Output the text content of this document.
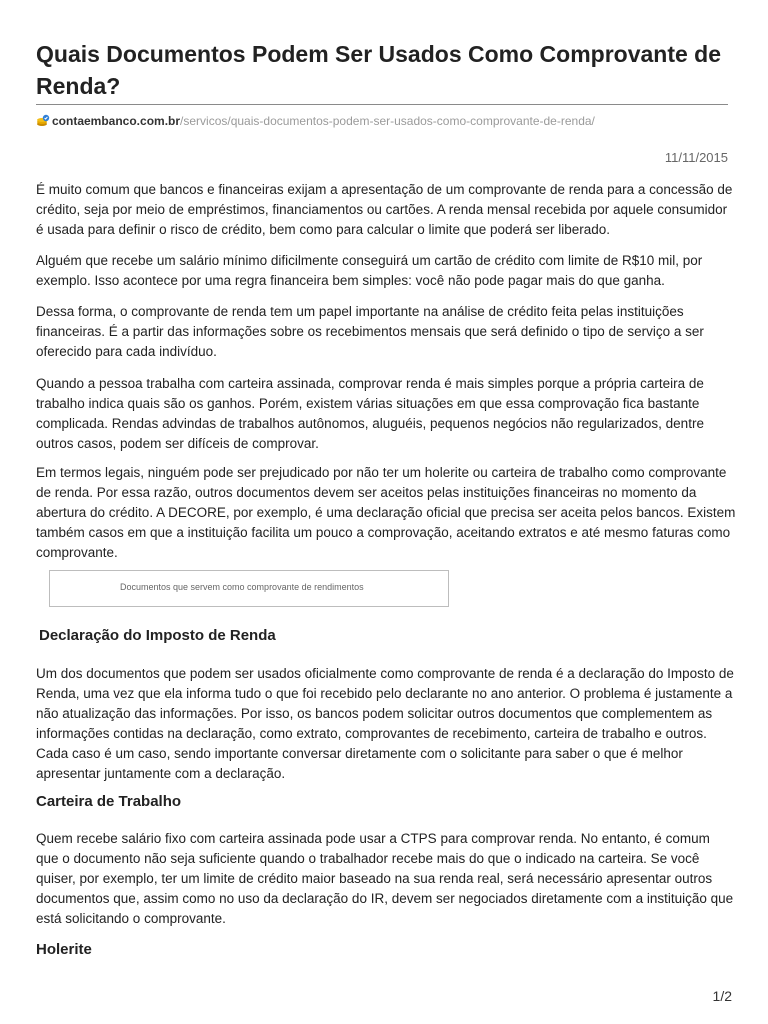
Quais Documentos Podem Ser Usados Como Comprovante de Renda?
contaembanco.com.br/servicos/quais-documentos-podem-ser-usados-como-comprovante-de-renda/
11/11/2015

É muito comum que bancos e financeiras exijam a apresentação de um comprovante de renda para a concessão de crédito, seja por meio de empréstimos, financiamentos ou cartões. A renda mensal recebida por aquele consumidor é usada para definir o risco de crédito, bem como para calcular o limite que poderá ser liberado.

Alguém que recebe um salário mínimo dificilmente conseguirá um cartão de crédito com limite de R$10 mil, por exemplo. Isso acontece por uma regra financeira bem simples: você não pode pagar mais do que ganha.

Dessa forma, o comprovante de renda tem um papel importante na análise de crédito feita pelas instituições financeiras. É a partir das informações sobre os recebimentos mensais que será definido o tipo de serviço a ser oferecido para cada indivíduo.

Quando a pessoa trabalha com carteira assinada, comprovar renda é mais simples porque a própria carteira de trabalho indica quais são os ganhos. Porém, existem várias situações em que essa comprovação fica bastante complicada. Rendas advindas de trabalhos autônomos, aluguéis, pequenos negócios não regularizados, dentre outros casos, podem ser difíceis de comprovar.

Em termos legais, ninguém pode ser prejudicado por não ter um holerite ou carteira de trabalho como comprovante de renda. Por essa razão, outros documentos devem ser aceitos pelas instituições financeiras no momento da abertura do crédito. A DECORE, por exemplo, é uma declaração oficial que precisa ser aceita pelos bancos. Existem também casos em que a instituição facilita um pouco a comprovação, aceitando extratos e até mesmo faturas como comprovante.

Documentos que servem como comprovante de rendimentos
Declaração do Imposto de Renda

Um dos documentos que podem ser usados oficialmente como comprovante de renda é a declaração do Imposto de Renda, uma vez que ela informa tudo o que foi recebido pelo declarante no ano anterior. O problema é justamente a não atualização das informações. Por isso, os bancos podem solicitar outros documentos que complementem as informações contidas na declaração, como extrato, comprovantes de recebimento, carteira de trabalho e outros. Cada caso é um caso, sendo importante conversar diretamente com o solicitante para saber o que é melhor apresentar juntamente com a declaração.

Carteira de Trabalho

Quem recebe salário fixo com carteira assinada pode usar a CTPS para comprovar renda. No entanto, é comum que o documento não seja suficiente quando o trabalhador recebe mais do que o indicado na carteira. Se você quiser, por exemplo, ter um limite de crédito maior baseado na sua renda real, será necessário apresentar outros documentos que, assim como no uso da declaração do IR, devem ser negociados diretamente com a instituição que está solicitando o comprovante.

Holerite
1/2
